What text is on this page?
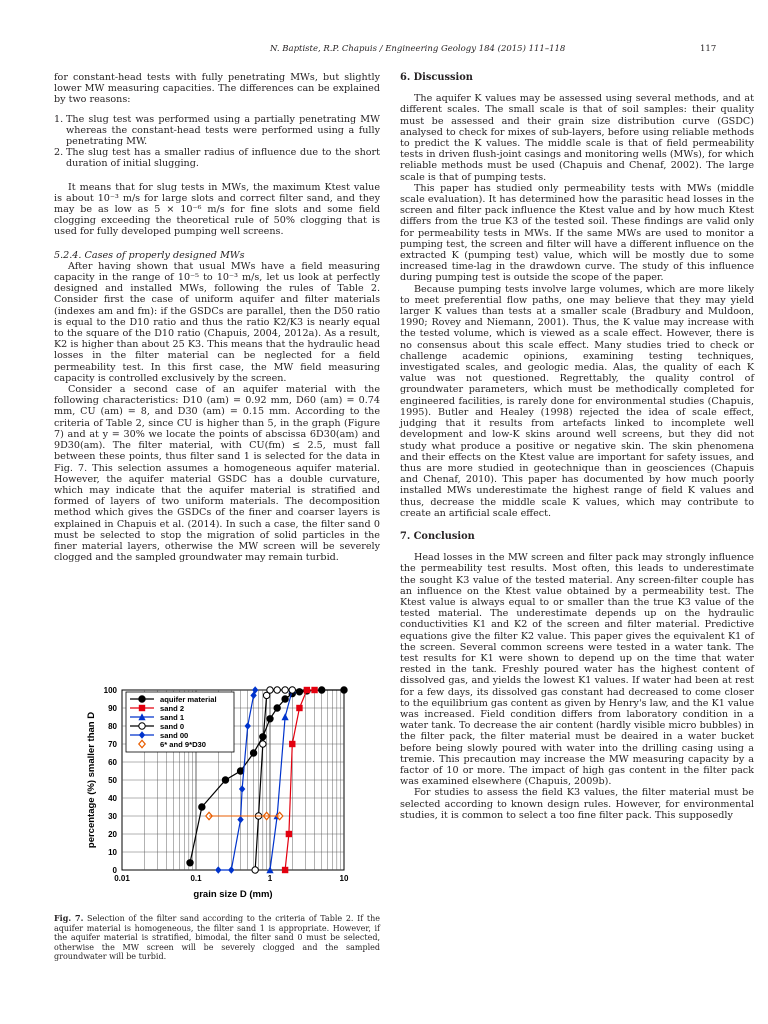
N. Baptiste, R.P. Chapuis / Engineering Geology 184 (2015) 111–118	117

for constant-head tests with fully penetrating MWs, but slightly lower MW measuring capacities. The differences can be explained by two reasons:

1. The slug test was performed using a partially penetrating MW whereas the constant-head tests were performed using a fully penetrating MW.
2. The slug test has a smaller radius of influence due to the short duration of initial slugging.

It means that for slug tests in MWs, the maximum Ktest value is about 10⁻³ m/s for large slots and correct filter sand, and they may be as low as 5 × 10⁻⁶ m/s for fine slots and some field clogging exceeding the theoretical rule of 50% clogging that is used for fully developed pumping well screens.

5.2.4. Cases of properly designed MWs

After having shown that usual MWs have a field measuring capacity in the range of 10⁻⁵ to 10⁻³ m/s, let us look at perfectly designed and installed MWs, following the rules of Table 2. Consider first the case of uniform aquifer and filter materials (indexes am and fm): if the GSDCs are parallel, then the D50 ratio is equal to the D10 ratio and thus the ratio K2/K3 is nearly equal to the square of the D10 ratio (Chapuis, 2004, 2012a). As a result, K2 is higher than about 25 K3. This means that the hydraulic head losses in the filter material can be neglected for a field permeability test. In this first case, the MW field measuring capacity is controlled exclusively by the screen.

Consider a second case of an aquifer material with the following characteristics: D10 (am) = 0.92 mm, D60 (am) = 0.74 mm, CU (am) = 8, and D30 (am) = 0.15 mm. According to the criteria of Table 2, since CU is higher than 5, in the graph (Figure 7) and at y = 30% we locate the points of abscissa 6D30(am) and 9D30(am). The filter material, with CU(fm) ≤ 2.5, must fall between these points, thus filter sand 1 is selected for the data in Fig. 7. This selection assumes a homogeneous aquifer material. However, the aquifer material GSDC has a double curvature, which may indicate that the aquifer material is stratified and formed of layers of two uniform materials. The decomposition method which gives the GSDCs of the finer and coarser layers is explained in Chapuis et al. (2014). In such a case, the filter sand 0 must be selected to stop the migration of solid particles in the finer material layers, otherwise the MW screen will be severely clogged and the sampled groundwater may remain turbid.

aquifer material
sand 2
sand 1
sand 0
sand 00
6* and 9*D30
0
10
20
30
40
50
60
70
80
90
100
0.01	0.1	1	10
grain size D (mm)
percentage (%) smaller than D
Fig. 7. Selection of the filter sand according to the criteria of Table 2. If the aquifer material is homogeneous, the filter sand 1 is appropriate. However, if the aquifer material is stratified, bimodal, the filter sand 0 must be selected, otherwise the MW screen will be severely clogged and the sampled groundwater will be turbid.

6. Discussion

The aquifer K values may be assessed using several methods, and at different scales. The small scale is that of soil samples: their quality must be assessed and their grain size distribution curve (GSDC) analysed to check for mixes of sub-layers, before using reliable methods to predict the K values. The middle scale is that of field permeability tests in driven flush-joint casings and monitoring wells (MWs), for which reliable methods must be used (Chapuis and Chenaf, 2002). The large scale is that of pumping tests.

This paper has studied only permeability tests with MWs (middle scale evaluation). It has determined how the parasitic head losses in the screen and filter pack influence the Ktest value and by how much Ktest differs from the true K3 of the tested soil. These findings are valid only for permeability tests in MWs. If the same MWs are used to monitor a pumping test, the screen and filter will have a different influence on the extracted K (pumping test) value, which will be mostly due to some increased time-lag in the drawdown curve. The study of this influence during pumping test is outside the scope of the paper.

Because pumping tests involve large volumes, which are more likely to meet preferential flow paths, one may believe that they may yield larger K values than tests at a smaller scale (Bradbury and Muldoon, 1990; Rovey and Niemann, 2001). Thus, the K value may increase with the tested volume, which is viewed as a scale effect. However, there is no consensus about this scale effect. Many studies tried to check or challenge academic opinions, examining testing techniques, investigated scales, and geologic media. Alas, the quality of each K value was not questioned. Regrettably, the quality control of groundwater parameters, which must be methodically completed for engineered facilities, is rarely done for environmental studies (Chapuis, 1995). Butler and Healey (1998) rejected the idea of scale effect, judging that it results from artefacts linked to incomplete well development and low-K skins around well screens, but they did not study what produce a positive or negative skin. The skin phenomena and their effects on the Ktest value are important for safety issues, and thus are more studied in geotechnique than in geosciences (Chapuis and Chenaf, 2010). This paper has documented by how much poorly installed MWs underestimate the highest range of field K values and thus, decrease the middle scale K values, which may contribute to create an artificial scale effect.

7. Conclusion

Head losses in the MW screen and filter pack may strongly influence the permeability test results. Most often, this leads to underestimate the sought K3 value of the tested material. Any screen-filter couple has an influence on the Ktest value obtained by a permeability test. The Ktest value is always equal to or smaller than the true K3 value of the tested material. The underestimate depends up on the hydraulic conductivities K1 and K2 of the screen and filter material. Predictive equations give the filter K2 value. This paper gives the equivalent K1 of the screen. Several common screens were tested in a water tank. The test results for K1 were shown to depend up on the time that water rested in the tank. Freshly poured water has the highest content of dissolved gas, and yields the lowest K1 values. If water had been at rest for a few days, its dissolved gas constant had decreased to come closer to the equilibrium gas content as given by Henry's law, and the K1 value was increased. Field condition differs from laboratory condition in a water tank. To decrease the air content (hardly visible micro bubbles) in the filter pack, the filter material must be deaired in a water bucket before being slowly poured with water into the drilling casing using a tremie. This precaution may increase the MW measuring capacity by a factor of 10 or more. The impact of high gas content in the filter pack was examined elsewhere (Chapuis, 2009b).

For studies to assess the field K3 values, the filter material must be selected according to known design rules. However, for environmental studies, it is common to select a too fine filter pack. This supposedly
